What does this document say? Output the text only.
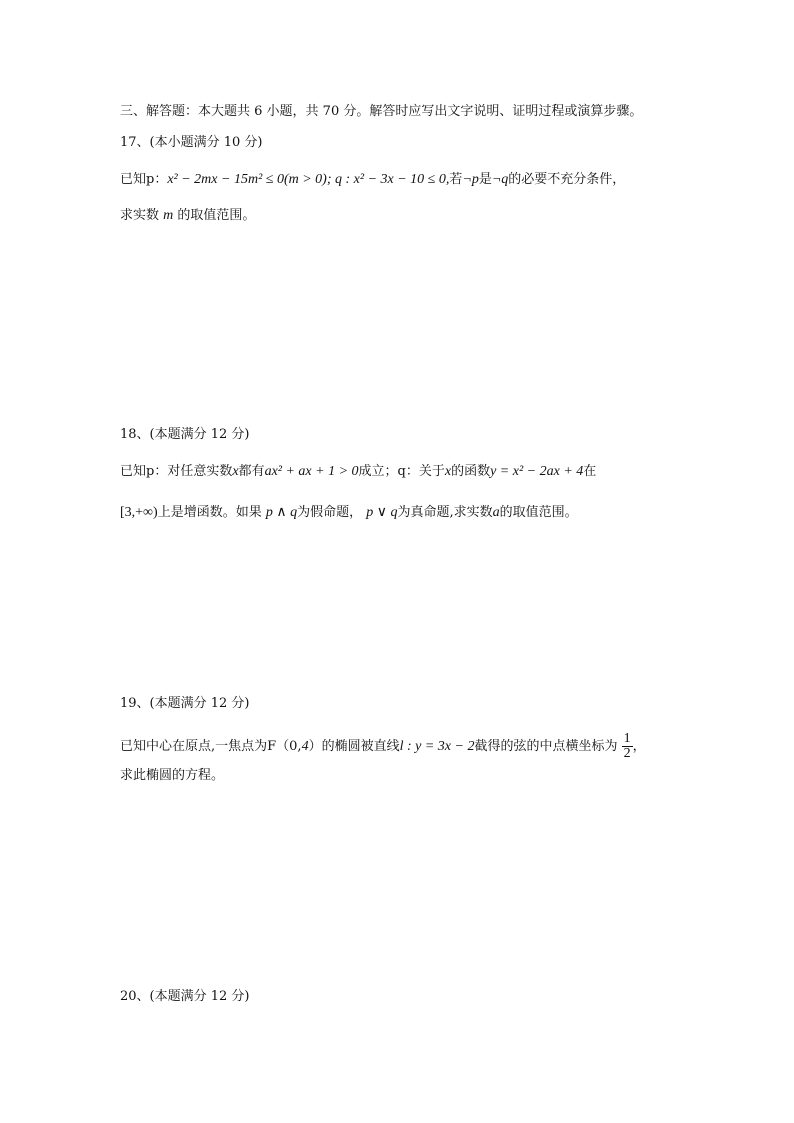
三、解答题：本大题共 6 小题，共 70 分。解答时应写出文字说明、证明过程或演算步骤。
17、(本小题满分 10 分)
已知p：x² − 2mx − 15m² ≤ 0(m > 0); q : x² − 3x − 10 ≤ 0,若¬p是¬q的必要不充分条件，
求实数 m 的取值范围。
18、(本题满分 12 分)
已知p：对任意实数x都有ax² + ax + 1 > 0成立；q：关于x的函数y = x² − 2ax + 4在
[3,+∞)上是增函数。如果 p ∧ q为假命题， p ∨ q为真命题,求实数a的取值范围。
19、(本题满分 12 分)
已知中心在原点,一焦点为F（0,4）的椭圆被直线l : y = 3x − 2截得的弦的中点横坐标为 $\frac{1}{2}$ ，
求此椭圆的方程。
20、(本题满分 12 分)
